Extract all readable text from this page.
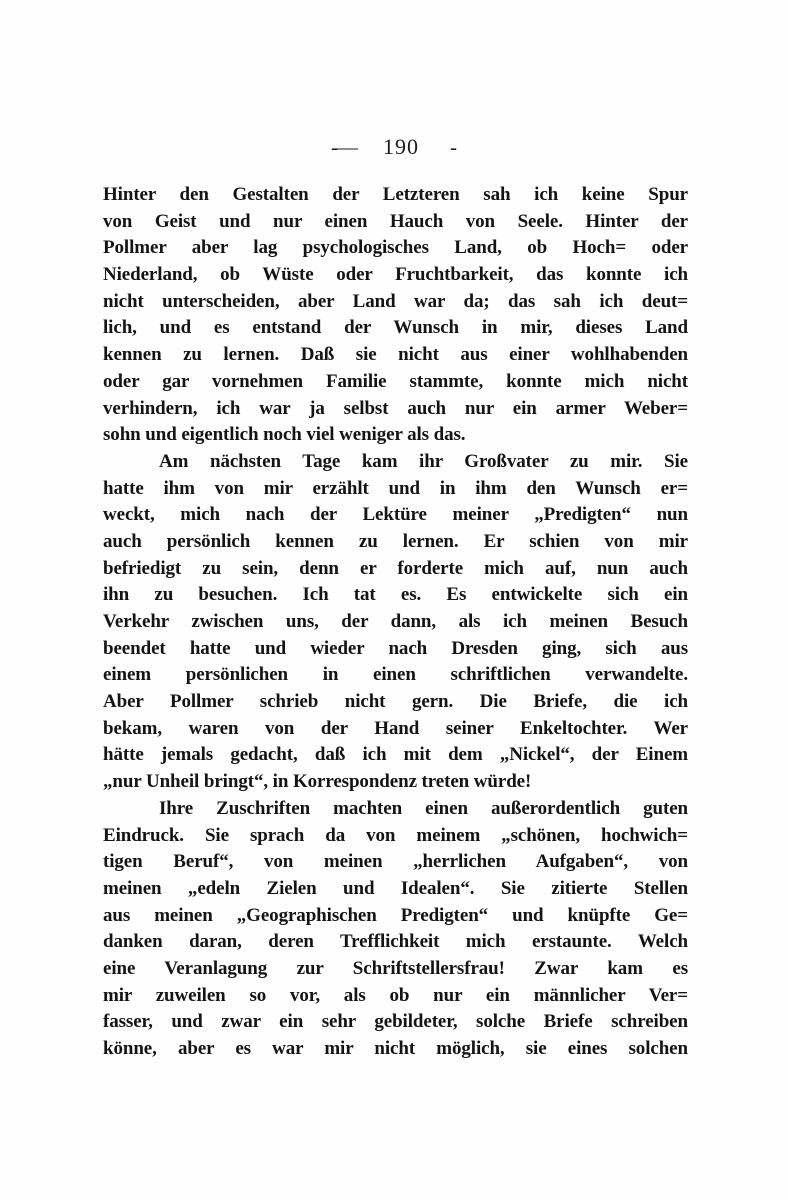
-— 190 -
Hinter den Gestalten der Letzteren sah ich keine Spur
von Geist und nur einen Hauch von Seele. Hinter der
Pollmer aber lag psychologisches Land, ob Hoch= oder
Niederland, ob Wüste oder Fruchtbarkeit, das konnte ich
nicht unterscheiden, aber Land war da; das sah ich deut=
lich, und es entstand der Wunsch in mir, dieses Land
kennen zu lernen. Daß sie nicht aus einer wohlhabenden
oder gar vornehmen Familie stammte, konnte mich nicht
verhindern, ich war ja selbst auch nur ein armer Weber=
sohn und eigentlich noch viel weniger als das.
Am nächsten Tage kam ihr Großvater zu mir. Sie
hatte ihm von mir erzählt und in ihm den Wunsch er=
weckt, mich nach der Lektüre meiner „Predigten“ nun
auch persönlich kennen zu lernen. Er schien von mir
befriedigt zu sein, denn er forderte mich auf, nun auch
ihn zu besuchen. Ich tat es. Es entwickelte sich ein
Verkehr zwischen uns, der dann, als ich meinen Besuch
beendet hatte und wieder nach Dresden ging, sich aus
einem persönlichen in einen schriftlichen verwandelte.
Aber Pollmer schrieb nicht gern. Die Briefe, die ich
bekam, waren von der Hand seiner Enkeltochter. Wer
hätte jemals gedacht, daß ich mit dem „Nickel“, der Einem
„nur Unheil bringt“, in Korrespondenz treten würde!
Ihre Zuschriften machten einen außerordentlich guten
Eindruck. Sie sprach da von meinem „schönen, hochwich=
tigen Beruf“, von meinen „herrlichen Aufgaben“, von
meinen „edeln Zielen und Idealen“. Sie zitierte Stellen
aus meinen „Geographischen Predigten“ und knüpfte Ge=
danken daran, deren Trefflichkeit mich erstaunte. Welch
eine Veranlagung zur Schriftstellersfrau! Zwar kam es
mir zuweilen so vor, als ob nur ein männlicher Ver=
fasser, und zwar ein sehr gebildeter, solche Briefe schreiben
könne, aber es war mir nicht möglich, sie eines solchen
